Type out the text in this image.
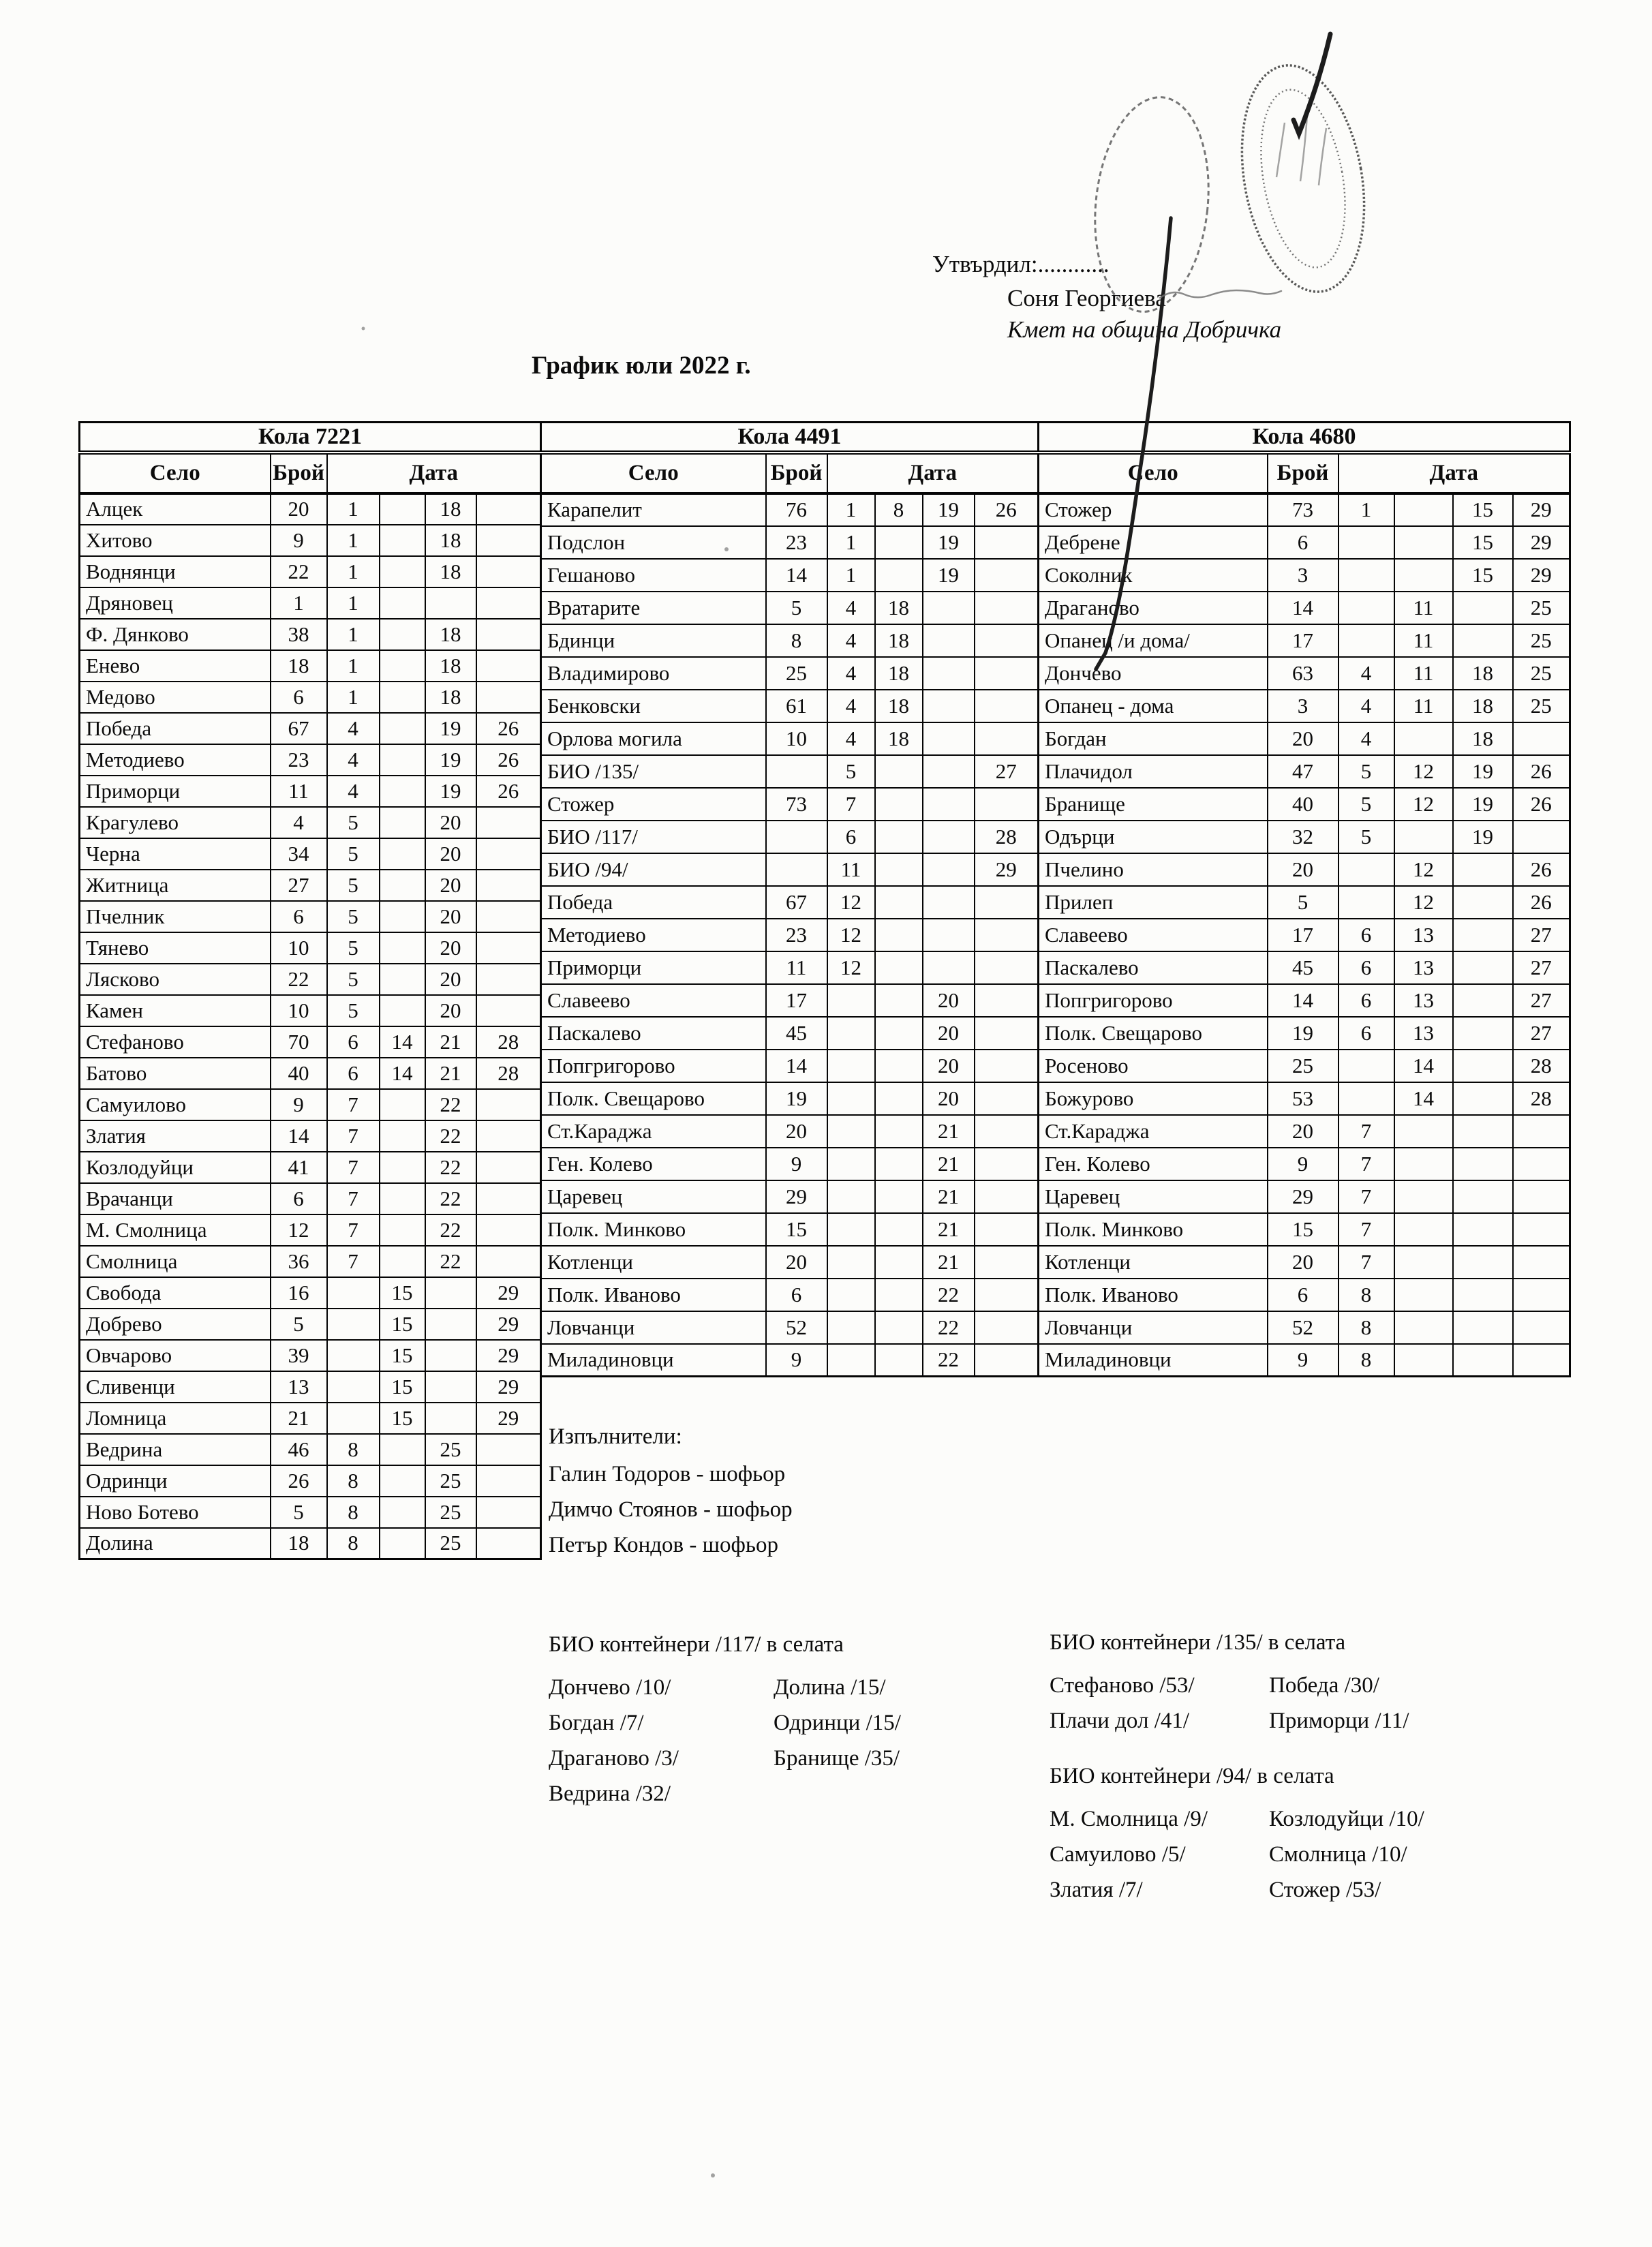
Утвърдил:............
Соня Георгиева
Кмет на община Добричка
График юли 2022 г.
Кола 7221					
Село	Брой	Дата			
Алцек	20	1		18	
Хитово	9	1		18	
Воднянци	22	1		18	
Дряновец	1	1			
Ф. Дянково	38	1		18	
Енево	18	1		18	
Медово	6	1		18	
Победа	67	4		19	26
Методиево	23	4		19	26
Приморци	11	4		19	26
Крагулево	4	5		20	
Черна	34	5		20	
Житница	27	5		20	
Пчелник	6	5		20	
Тянево	10	5		20	
Лясково	22	5		20	
Камен	10	5		20	
Стефаново	70	6	14	21	28
Батово	40	6	14	21	28
Самуилово	9	7		22	
Златия	14	7		22	
Козлодуйци	41	7		22	
Врачанци	6	7		22	
М. Смолница	12	7		22	
Смолница	36	7		22	
Свобода	16		15		29
Добрево	5		15		29
Овчарово	39		15		29
Сливенци	13		15		29
Ломница	21		15		29
Ведрина	46	8		25	
Одринци	26	8		25	
Ново Ботево	5	8		25	
Долина	18	8		25	
Кола 4491					
Село	Брой	Дата			
Карапелит	76	1	8	19	26
Подслон	23	1		19	
Гешаново	14	1		19	
Вратарите	5	4	18		
Бдинци	8	4	18		
Владимирово	25	4	18		
Бенковски	61	4	18		
Орлова могила	10	4	18		
БИО /135/		5			27
Стожер	73	7			
БИО /117/		6			28
БИО /94/		11			29
Победа	67	12			
Методиево	23	12			
Приморци	11	12			
Славеево	17			20	
Паскалево	45			20	
Попгригорово	14			20	
Полк. Свещарово	19			20	
Ст.Караджа	20			21	
Ген. Колево	9			21	
Царевец	29			21	
Полк. Минково	15			21	
Котленци	20			21	
Полк. Иваново	6			22	
Ловчанци	52			22	
Миладиновци	9			22	
Кола 4680					
Село	Брой	Дата			
Стожер	73	1		15	29
Дебрене	6			15	29
Соколник	3			15	29
Драганово	14		11		25
Опанец /и дома/	17		11		25
Дончево	63	4	11	18	25
Опанец - дома	3	4	11	18	25
Богдан	20	4		18	
Плачидол	47	5	12	19	26
Бранище	40	5	12	19	26
Одърци	32	5		19	
Пчелино	20		12		26
Прилеп	5		12		26
Славеево	17	6	13		27
Паскалево	45	6	13		27
Попгригорово	14	6	13		27
Полк. Свещарово	19	6	13		27
Росеново	25		14		28
Божурово	53		14		28
Ст.Караджа	20	7			
Ген. Колево	9	7			
Царевец	29	7			
Полк. Минково	15	7			
Котленци	20	7			
Полк. Иваново	6	8			
Ловчанци	52	8			
Миладиновци	9	8			
Изпълнители:
Галин Тодоров - шофьор
Димчо Стоянов - шофьор
Петър Кондов - шофьор
БИО контейнери /117/ в селата
Дончево /10/
Богдан /7/
Драганово /3/
Ведрина /32/
Долина /15/
Одринци /15/
Бранище /35/
БИО контейнери /135/ в селата
Стефаново /53/
Плачи дол /41/
Победа /30/
Приморци /11/
БИО контейнери /94/ в селата
М. Смолница /9/
Самуилово /5/
Златия /7/
Козлодуйци /10/
Смолница /10/
Стожер /53/
